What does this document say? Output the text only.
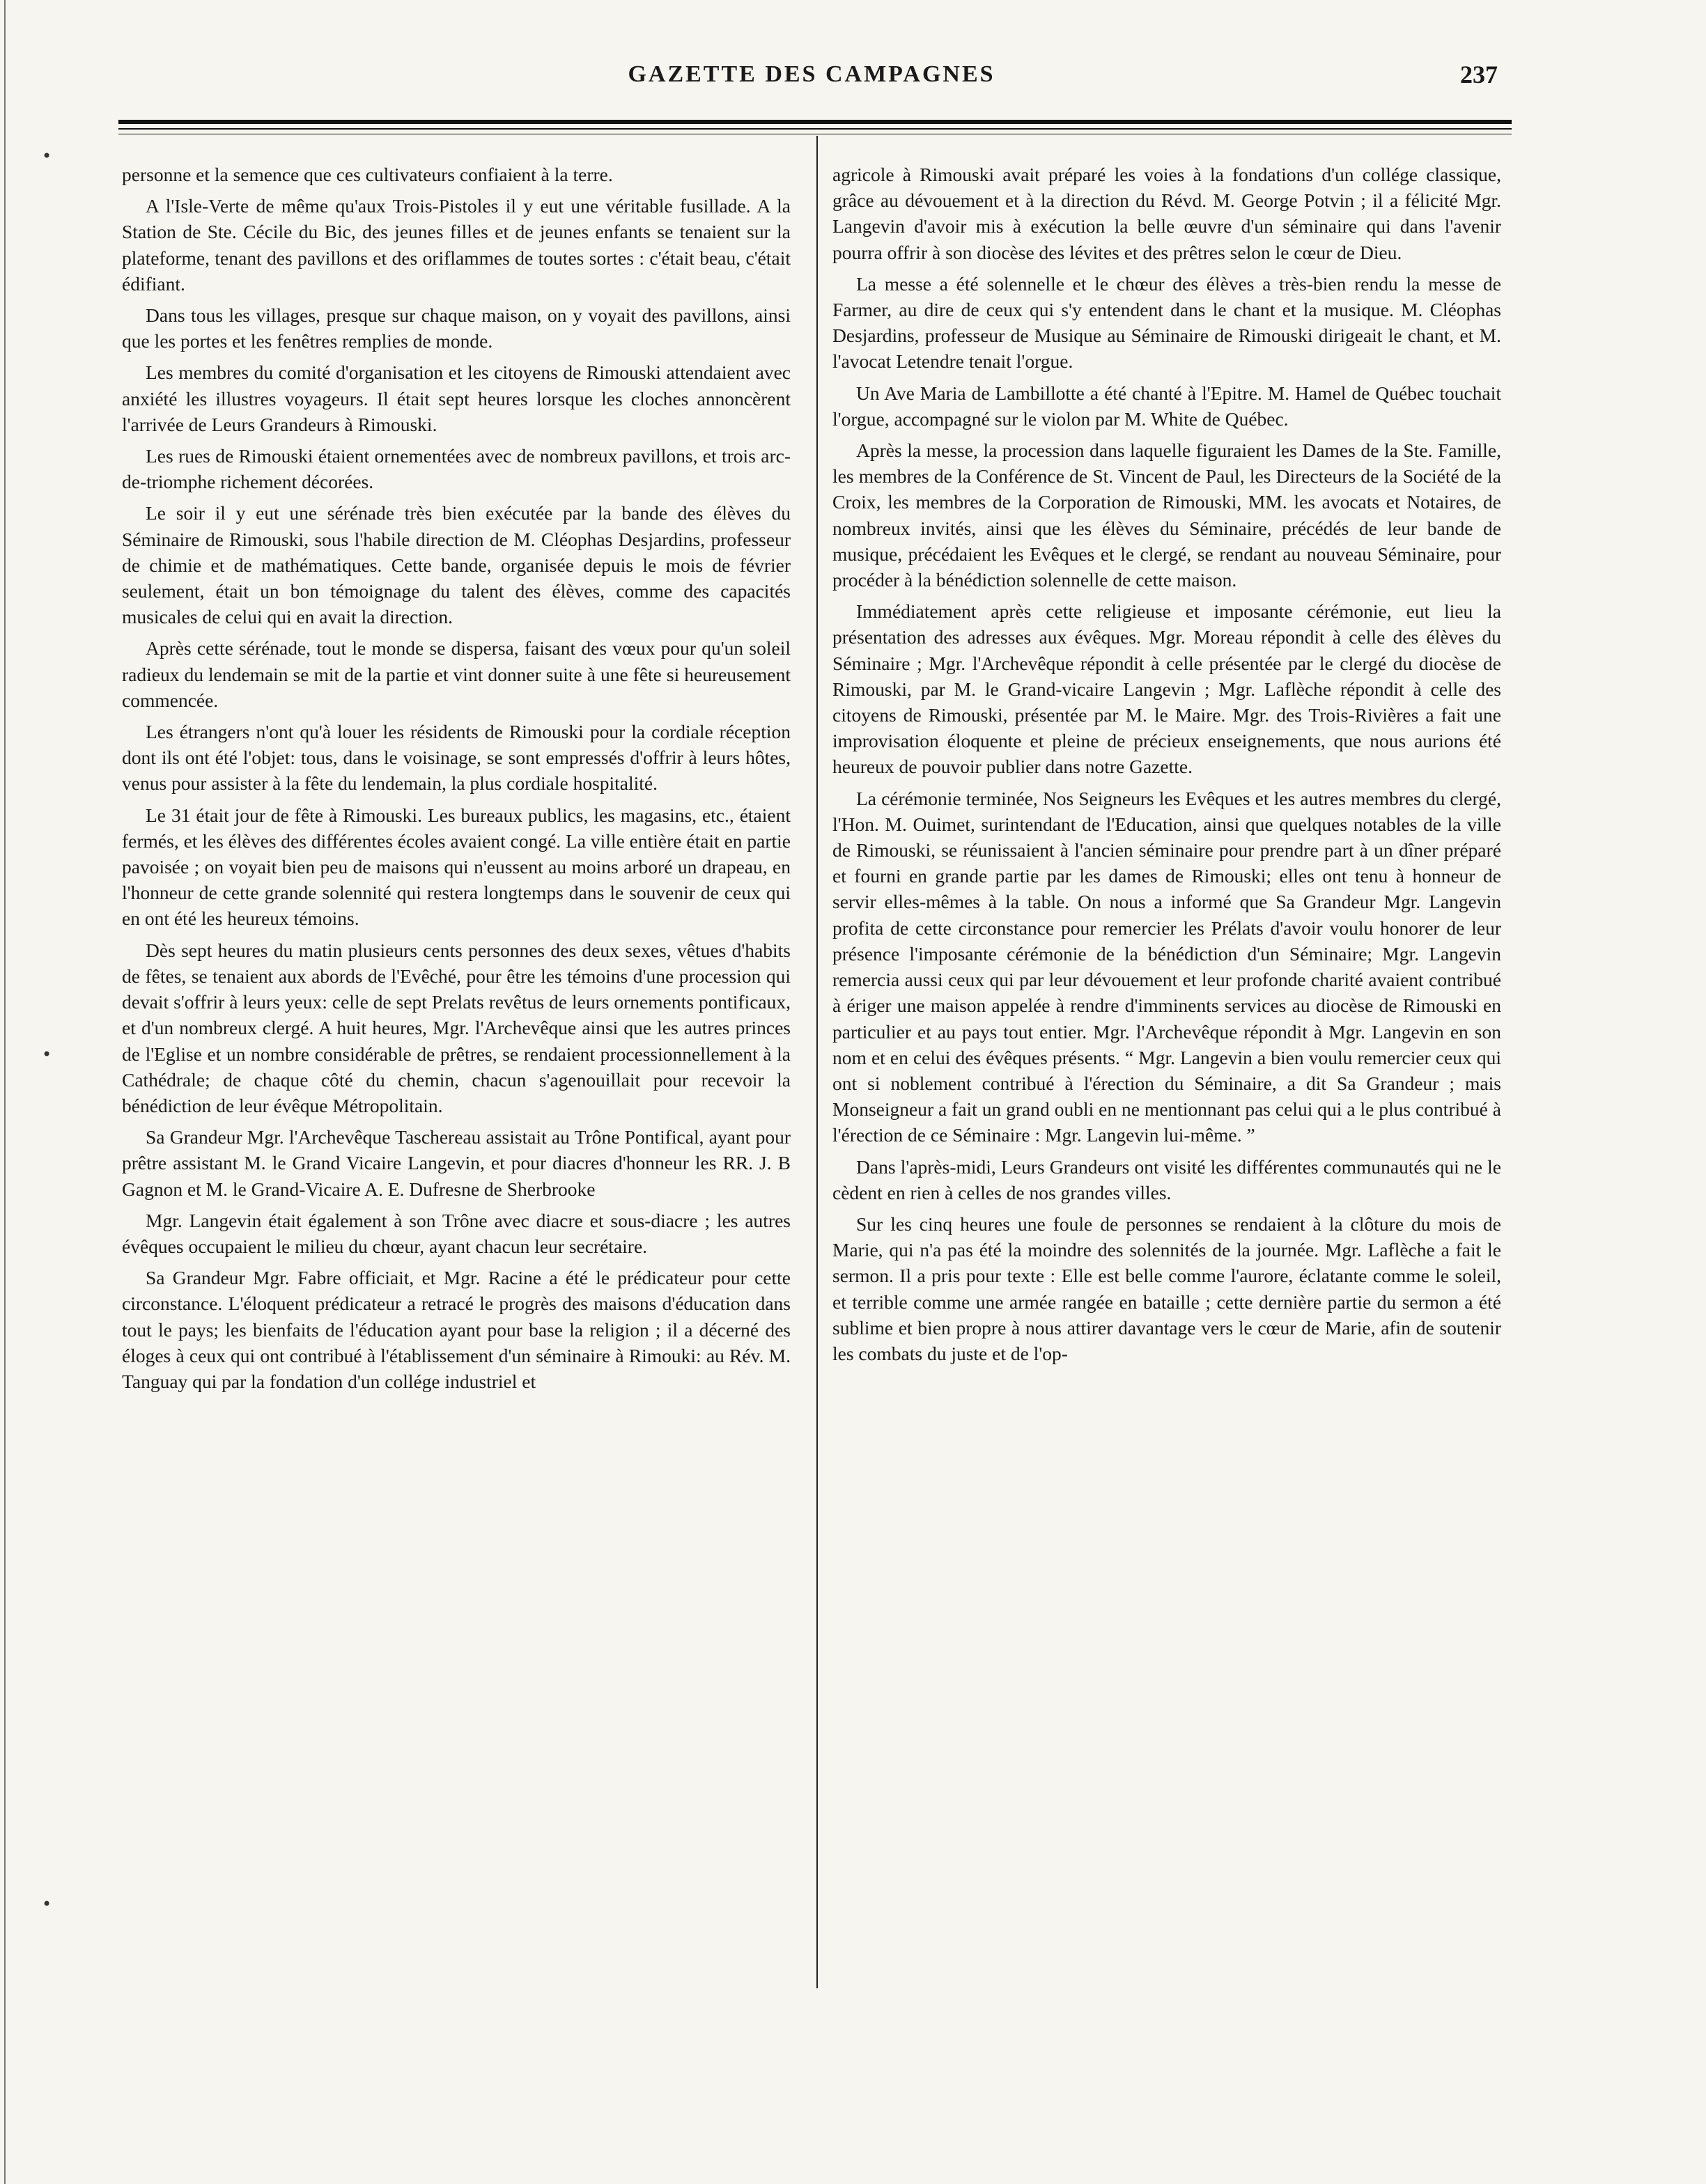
GAZETTE DES CAMPAGNES	237

personne et la semence que ces cultivateurs confiaient à la terre.

A l'Isle-Verte de même qu'aux Trois-Pistoles il y eut une véritable fusillade. A la Station de Ste. Cécile du Bic, des jeunes filles et de jeunes enfants se tenaient sur la plateforme, tenant des pavillons et des oriflammes de toutes sortes : c'était beau, c'était édifiant.

Dans tous les villages, presque sur chaque maison, on y voyait des pavillons, ainsi que les portes et les fenêtres remplies de monde.

Les membres du comité d'organisation et les citoyens de Rimouski attendaient avec anxiété les illustres voyageurs. Il était sept heures lorsque les cloches annoncèrent l'arrivée de Leurs Grandeurs à Rimouski.

Les rues de Rimouski étaient ornementées avec de nombreux pavillons, et trois arc-de-triomphe richement décorées.

Le soir il y eut une sérénade très bien exécutée par la bande des élèves du Séminaire de Rimouski, sous l'habile direction de M. Cléophas Desjardins, professeur de chimie et de mathématiques. Cette bande, organisée depuis le mois de février seulement, était un bon témoignage du talent des élèves, comme des capacités musicales de celui qui en avait la direction.

Après cette sérénade, tout le monde se dispersa, faisant des vœux pour qu'un soleil radieux du lendemain se mit de la partie et vint donner suite à une fête si heureusement commencée.

Les étrangers n'ont qu'à louer les résidents de Rimouski pour la cordiale réception dont ils ont été l'objet: tous, dans le voisinage, se sont empressés d'offrir à leurs hôtes, venus pour assister à la fête du lendemain, la plus cordiale hospitalité.

Le 31 était jour de fête à Rimouski. Les bureaux publics, les magasins, etc., étaient fermés, et les élèves des différentes écoles avaient congé. La ville entière était en partie pavoisée ; on voyait bien peu de maisons qui n'eussent au moins arboré un drapeau, en l'honneur de cette grande solennité qui restera longtemps dans le souvenir de ceux qui en ont été les heureux témoins.

Dès sept heures du matin plusieurs cents personnes des deux sexes, vêtues d'habits de fêtes, se tenaient aux abords de l'Evêché, pour être les témoins d'une procession qui devait s'offrir à leurs yeux: celle de sept Prelats revêtus de leurs ornements pontificaux, et d'un nombreux clergé. A huit heures, Mgr. l'Archevêque ainsi que les autres princes de l'Eglise et un nombre considérable de prêtres, se rendaient processionnellement à la Cathédrale; de chaque côté du chemin, chacun s'agenouillait pour recevoir la bénédiction de leur évêque Métropolitain.

Sa Grandeur Mgr. l'Archevêque Taschereau assistait au Trône Pontifical, ayant pour prêtre assistant M. le Grand Vicaire Langevin, et pour diacres d'honneur les RR. J. B Gagnon et M. le Grand-Vicaire A. E. Dufresne de Sherbrooke

Mgr. Langevin était également à son Trône avec diacre et sous-diacre ; les autres évêques occupaient le milieu du chœur, ayant chacun leur secrétaire.

Sa Grandeur Mgr. Fabre officiait, et Mgr. Racine a été le prédicateur pour cette circonstance. L'éloquent prédicateur a retracé le progrès des maisons d'éducation dans tout le pays; les bienfaits de l'éducation ayant pour base la religion ; il a décerné des éloges à ceux qui ont contribué à l'établissement d'un séminaire à Rimouki: au Rév. M. Tanguay qui par la fondation d'un collége industriel et

agricole à Rimouski avait préparé les voies à la fondations d'un collége classique, grâce au dévouement et à la direction du Révd. M. George Potvin ; il a félicité Mgr. Langevin d'avoir mis à exécution la belle œuvre d'un séminaire qui dans l'avenir pourra offrir à son diocèse des lévites et des prêtres selon le cœur de Dieu.

La messe a été solennelle et le chœur des élèves a très-bien rendu la messe de Farmer, au dire de ceux qui s'y entendent dans le chant et la musique. M. Cléophas Desjardins, professeur de Musique au Séminaire de Rimouski dirigeait le chant, et M. l'avocat Letendre tenait l'orgue.

Un Ave Maria de Lambillotte a été chanté à l'Epitre. M. Hamel de Québec touchait l'orgue, accompagné sur le violon par M. White de Québec.

Après la messe, la procession dans laquelle figuraient les Dames de la Ste. Famille, les membres de la Conférence de St. Vincent de Paul, les Directeurs de la Société de la Croix, les membres de la Corporation de Rimouski, MM. les avocats et Notaires, de nombreux invités, ainsi que les élèves du Séminaire, précédés de leur bande de musique, précédaient les Evêques et le clergé, se rendant au nouveau Séminaire, pour procéder à la bénédiction solennelle de cette maison.

Immédiatement après cette religieuse et imposante cérémonie, eut lieu la présentation des adresses aux évêques. Mgr. Moreau répondit à celle des élèves du Séminaire ; Mgr. l'Archevêque répondit à celle présentée par le clergé du diocèse de Rimouski, par M. le Grand-vicaire Langevin ; Mgr. Laflèche répondit à celle des citoyens de Rimouski, présentée par M. le Maire. Mgr. des Trois-Rivières a fait une improvisation éloquente et pleine de précieux enseignements, que nous aurions été heureux de pouvoir publier dans notre Gazette.

La cérémonie terminée, Nos Seigneurs les Evêques et les autres membres du clergé, l'Hon. M. Ouimet, surintendant de l'Education, ainsi que quelques notables de la ville de Rimouski, se réunissaient à l'ancien séminaire pour prendre part à un dîner préparé et fourni en grande partie par les dames de Rimouski; elles ont tenu à honneur de servir elles-mêmes à la table. On nous a informé que Sa Grandeur Mgr. Langevin profita de cette circonstance pour remercier les Prélats d'avoir voulu honorer de leur présence l'imposante cérémonie de la bénédiction d'un Séminaire; Mgr. Langevin remercia aussi ceux qui par leur dévouement et leur profonde charité avaient contribué à ériger une maison appelée à rendre d'imminents services au diocèse de Rimouski en particulier et au pays tout entier. Mgr. l'Archevêque répondit à Mgr. Langevin en son nom et en celui des évêques présents. “ Mgr. Langevin a bien voulu remercier ceux qui ont si noblement contribué à l'érection du Séminaire, a dit Sa Grandeur ; mais Monseigneur a fait un grand oubli en ne mentionnant pas celui qui a le plus contribué à l'érection de ce Séminaire : Mgr. Langevin lui-même. ”

Dans l'après-midi, Leurs Grandeurs ont visité les différentes communautés qui ne le cèdent en rien à celles de nos grandes villes.

Sur les cinq heures une foule de personnes se rendaient à la clôture du mois de Marie, qui n'a pas été la moindre des solennités de la journée. Mgr. Laflèche a fait le sermon. Il a pris pour texte : Elle est belle comme l'aurore, éclatante comme le soleil, et terrible comme une armée rangée en bataille ; cette dernière partie du sermon a été sublime et bien propre à nous attirer davantage vers le cœur de Marie, afin de soutenir les combats du juste et de l'op-

•
•
•
